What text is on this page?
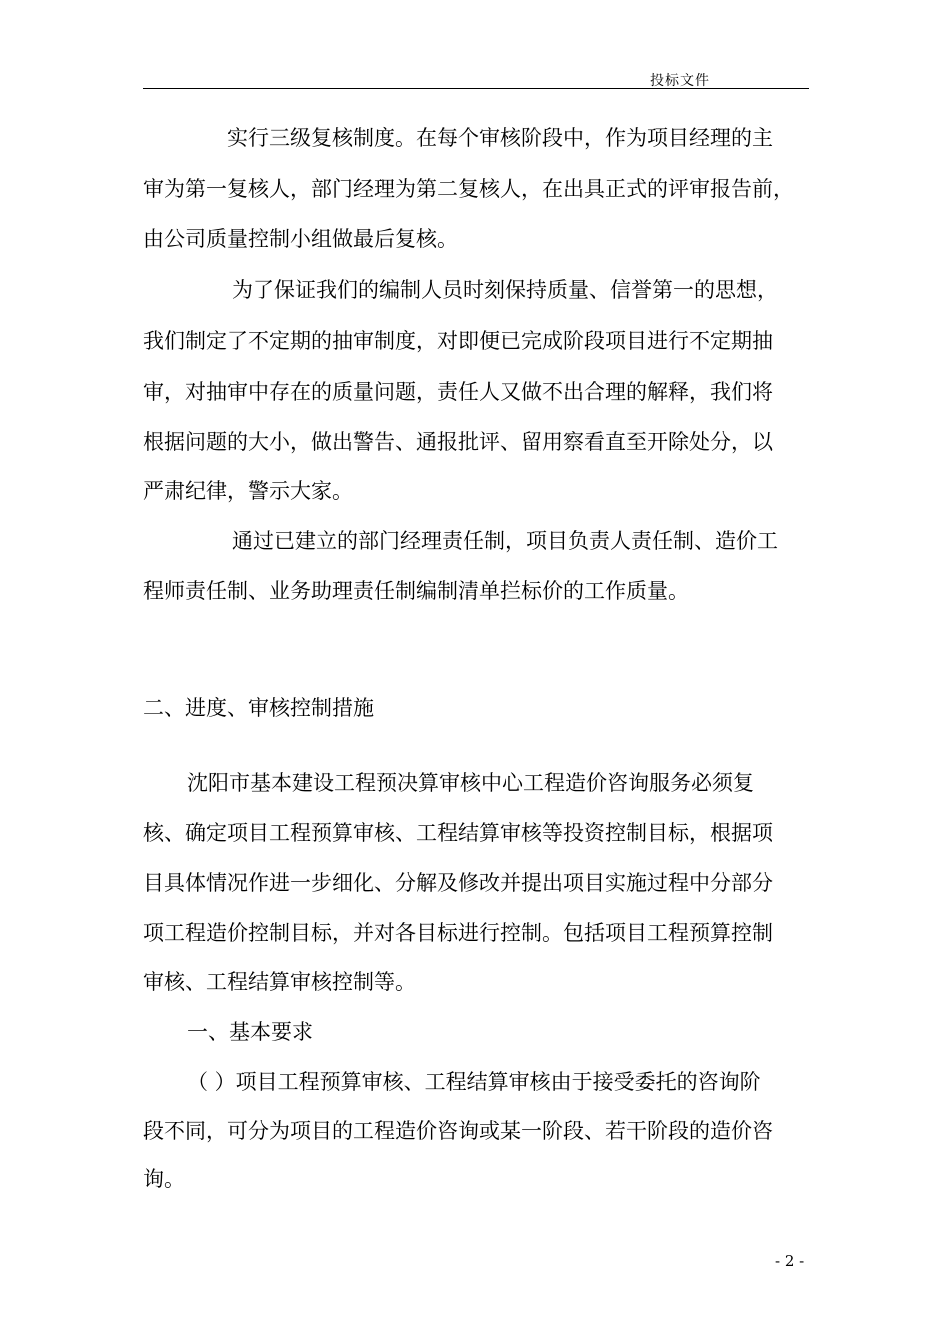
投标文件
实行三级复核制度。在每个审核阶段中，作为项目经理的主
审为第一复核人，部门经理为第二复核人，在出具正式的评审报告前，
由公司质量控制小组做最后复核。
为了保证我们的编制人员时刻保持质量、信誉第一的思想，
我们制定了不定期的抽审制度，对即便已完成阶段项目进行不定期抽
审，对抽审中存在的质量问题，责任人又做不出合理的解释，我们将
根据问题的大小，做出警告、通报批评、留用察看直至开除处分，以
严肃纪律，警示大家。
通过已建立的部门经理责任制，项目负责人责任制、造价工
程师责任制、业务助理责任制编制清单拦标价的工作质量。
二、进度、审核控制措施
沈阳市基本建设工程预决算审核中心工程造价咨询服务必须复
核、确定项目工程预算审核、工程结算审核等投资控制目标，根据项
目具体情况作进一步细化、分解及修改并提出项目实施过程中分部分
项工程造价控制目标，并对各目标进行控制。包括项目工程预算控制
审核、工程结算审核控制等。
一、基本要求
（ ）项目工程预算审核、工程结算审核由于接受委托的咨询阶
段不同，可分为项目的工程造价咨询或某一阶段、若干阶段的造价咨
询。
- 2 -
